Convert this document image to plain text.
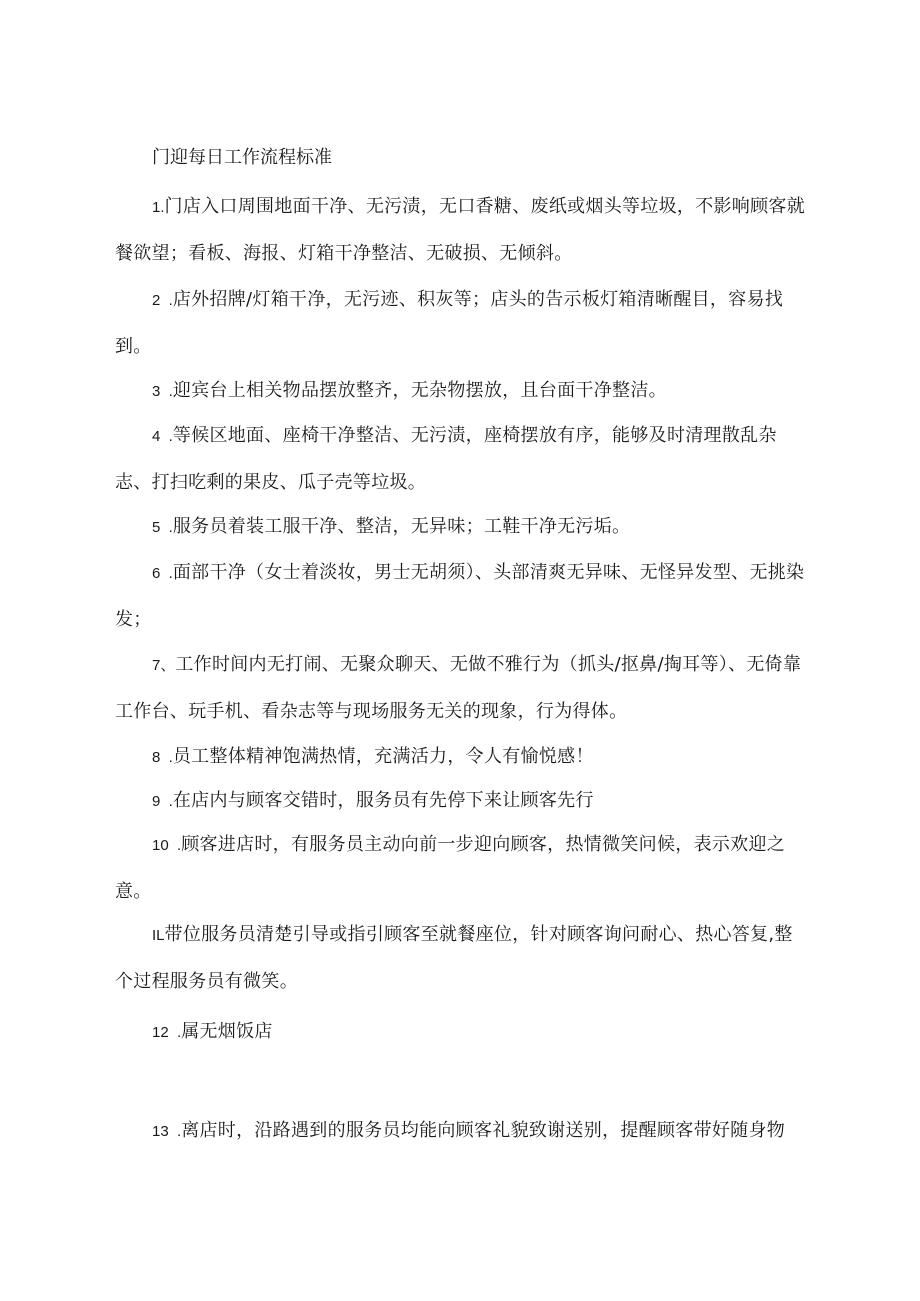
门迎每日工作流程标准

1.门店入口周围地面干净、无污渍，无口香糖、废纸或烟头等垃圾，不影响顾客就餐欲望；看板、海报、灯箱干净整洁、无破损、无倾斜。

2  .店外招牌/灯箱干净，无污迹、积灰等；店头的告示板灯箱清晰醒目，容易找到。

3  .迎宾台上相关物品摆放整齐，无杂物摆放，且台面干净整洁。

4  .等候区地面、座椅干净整洁、无污渍，座椅摆放有序，能够及时清理散乱杂志、打扫吃剩的果皮、瓜子壳等垃圾。

5  .服务员着装工服干净、整洁，无异味；工鞋干净无污垢。

6  .面部干净（女士着淡妆，男士无胡须）、头部清爽无异味、无怪异发型、无挑染发；

7、工作时间内无打闹、无聚众聊天、无做不雅行为（抓头/抠鼻/掏耳等）、无倚靠工作台、玩手机、看杂志等与现场服务无关的现象，行为得体。

8  .员工整体精神饱满热情，充满活力，令人有愉悦感！

9  .在店内与顾客交错时，服务员有先停下来让顾客先行

10  .顾客进店时，有服务员主动向前一步迎向顾客，热情微笑问候，表示欢迎之意。

IL带位服务员清楚引导或指引顾客至就餐座位，针对顾客询问耐心、热心答复,整个过程服务员有微笑。

12  .属无烟饭店

13  .离店时，沿路遇到的服务员均能向顾客礼貌致谢送别，提醒顾客带好随身物
